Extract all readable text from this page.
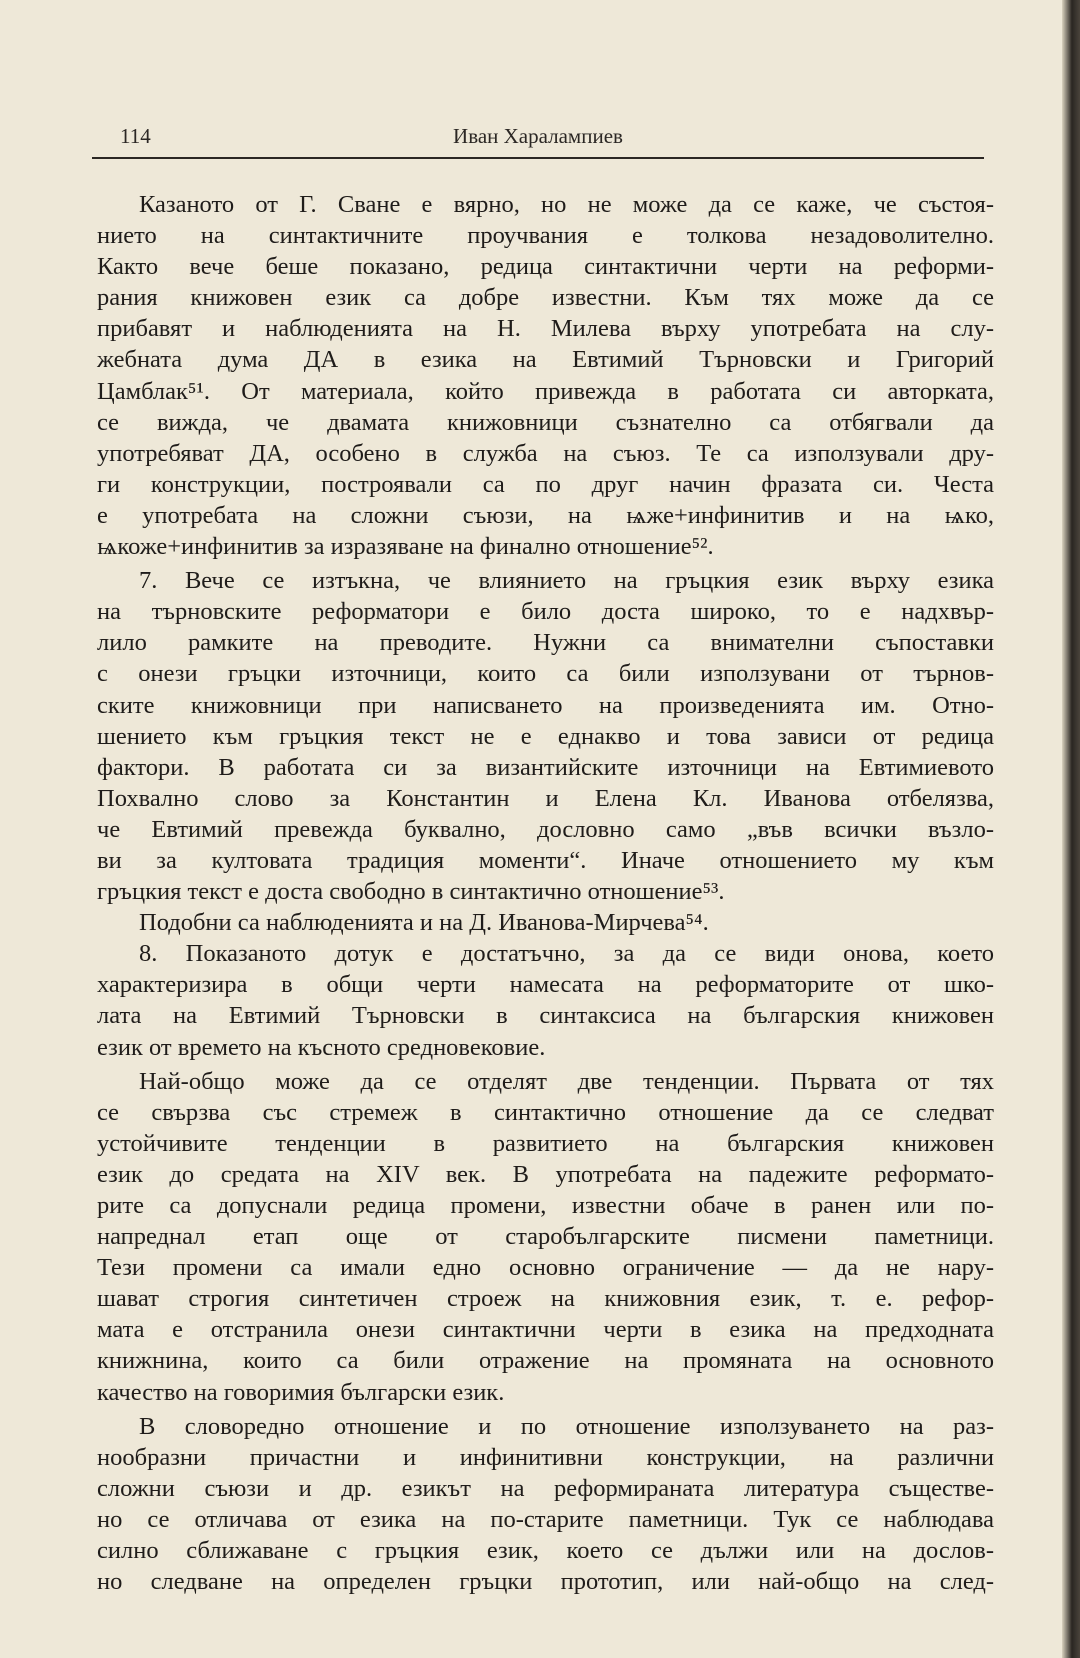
114	Иван Харалампиев
Казаното от Г. Сване е вярно, но не може да се каже, че състоя-
нието на синтактичните проучвания е толкова незадоволително.
Както вече беше показано, редица синтактични черти на реформи-
рания книжовен език са добре известни. Към тях може да се
прибавят и наблюденията на Н. Милева върху употребата на слу-
жебната дума ДА в езика на Евтимий Търновски и Григорий
Цамблак⁵¹. От материала, който привежда в работата си авторката,
се вижда, че двамата книжовници съзнателно са отбягвали да
употребяват ДА, особено в служба на съюз. Те са използували дру-
ги конструкции, построявали са по друг начин фразата си. Честа
е употребата на сложни съюзи, на ѩже+инфинитив и на ѩко,
ѩкоже+инфинитив за изразяване на финално отношение⁵².
7. Вече се изтъкна, че влиянието на гръцкия език върху езика
на търновските реформатори е било доста широко, то е надхвър-
лило рамките на преводите. Нужни са внимателни съпоставки
с онези гръцки източници, които са били използувани от търнов-
ските книжовници при написването на произведенията им. Отно-
шението към гръцкия текст не е еднакво и това зависи от редица
фактори. В работата си за византийските източници на Евтимиевото
Похвално слово за Константин и Елена Кл. Иванова отбелязва,
че Евтимий превежда буквално, дословно само „във всички възло-
ви за култовата традиция моменти“. Иначе отношението му към
гръцкия текст е доста свободно в синтактично отношение⁵³.
Подобни са наблюденията и на Д. Иванова-Мирчева⁵⁴.
8. Показаното дотук е достатъчно, за да се види онова, което
характеризира в общи черти намесата на реформаторите от шко-
лата на Евтимий Търновски в синтаксиса на българския книжовен
език от времето на късното средновековие.
Най-общо може да се отделят две тенденции. Първата от тях
се свързва със стремеж в синтактично отношение да се следват
устойчивите тенденции в развитието на българския книжовен
език до средата на XIV век. В употребата на падежите реформато-
рите са допуснали редица промени, известни обаче в ранен или по-
напреднал етап още от старобългарските писмени паметници.
Тези промени са имали едно основно ограничение — да не нару-
шават строгия синтетичен строеж на книжовния език, т. е. рефор-
мата е отстранила онези синтактични черти в езика на предходната
книжнина, които са били отражение на промяната на основното
качество на говоримия български език.
В словоредно отношение и по отношение използуването на раз-
нообразни причастни и инфинитивни конструкции, на различни
сложни съюзи и др. езикът на реформираната литература същeстве-
но се отличава от езика на по-старите паметници. Тук се наблюдава
силно сближаване с гръцкия език, което се дължи или на дослов-
но следване на определен гръцки прототип, или най-общо на след-
